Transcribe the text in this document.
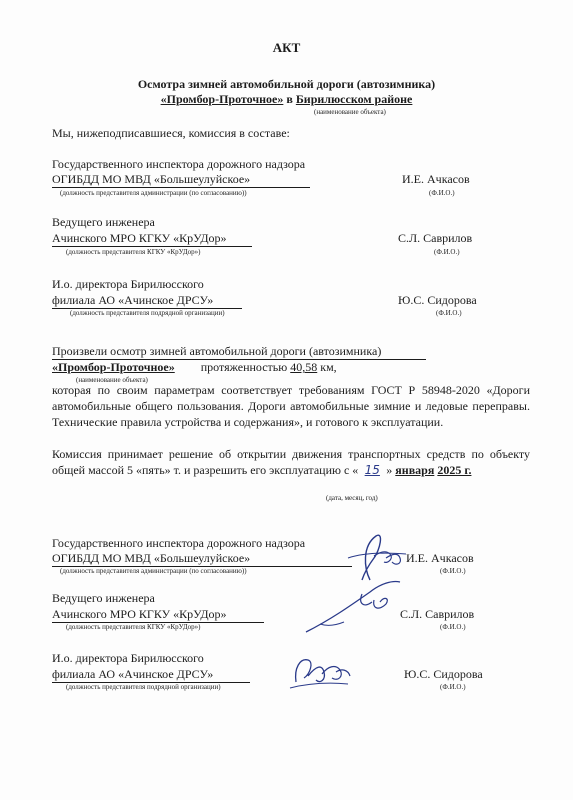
АКТ
Осмотра зимней автомобильной дороги (автозимника)
«Промбор-Проточное» в Бирилюсском районе
(наименование объекта)
Мы, нижеподписавшиеся, комиссия в составе:
Государственного инспектора дорожного надзора
ОГИБДД МО МВД «Большеулуйское»
(должность представителя администрации (по согласованию))
И.Е. Ачкасов
(Ф.И.О.)
Ведущего инженера
Ачинского МРО КГКУ «КрУДор»
(должность представителя КГКУ «КрУДор»)
С.Л. Саврилов
(Ф.И.О.)
И.о. директора Бирилюсского
филиала АО «Ачинское ДРСУ»
(должность представителя подрядной организации)
Ю.С. Сидорова
(Ф.И.О.)
Произвели осмотр зимней автомобильной дороги (автозимника)
«Промбор-Проточное» протяженностью 40,58 км,
(наименование объекта)
которая по своим параметрам соответствует требованиям ГОСТ Р 58948-2020 «Дороги автомобильные общего пользования. Дороги автомобильные зимние и ледовые переправы. Технические правила устройства и содержания», и готового к эксплуатации.
Комиссия принимает решение об открытии движения транспортных средств по объекту общей массой 5 «пять» т. и разрешить его эксплуатацию с « 15 » января 2025 г.
(дата, месяц, год)
Государственного инспектора дорожного надзора
ОГИБДД МО МВД «Большеулуйское»
(должность представителя администрации (по согласованию))
И.Е. Ачкасов
(Ф.И.О.)
Ведущего инженера
Ачинского МРО КГКУ «КрУДор»
(должность представителя КГКУ «КрУДор»)
С.Л. Саврилов
(Ф.И.О.)
И.о. директора Бирилюсского
филиала АО «Ачинское ДРСУ»
(должность представителя подрядной организации)
Ю.С. Сидорова
(Ф.И.О.)
